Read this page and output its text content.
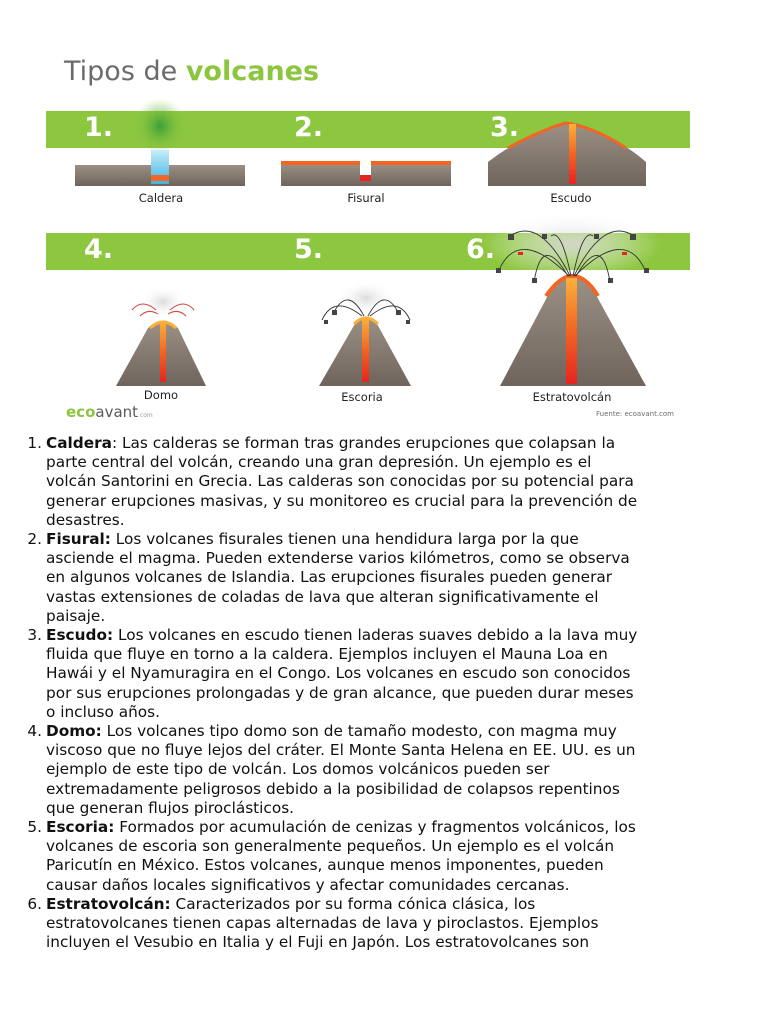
Tipos de volcanes
1.	2.	3.
4.	5.	6.
Caldera	Fisural	Escudo
Domo	Escoria	Estratovolcán
ecoavant.com	Fuente: ecoavant.com
1. Caldera: Las calderas se forman tras grandes erupciones que colapsan la
parte central del volcán, creando una gran depresión. Un ejemplo es el
volcán Santorini en Grecia. Las calderas son conocidas por su potencial para
generar erupciones masivas, y su monitoreo es crucial para la prevención de
desastres.
2. Fisural: Los volcanes fisurales tienen una hendidura larga por la que
asciende el magma. Pueden extenderse varios kilómetros, como se observa
en algunos volcanes de Islandia. Las erupciones fisurales pueden generar
vastas extensiones de coladas de lava que alteran significativamente el
paisaje.
3. Escudo: Los volcanes en escudo tienen laderas suaves debido a la lava muy
fluida que fluye en torno a la caldera. Ejemplos incluyen el Mauna Loa en
Hawái y el Nyamuragira en el Congo. Los volcanes en escudo son conocidos
por sus erupciones prolongadas y de gran alcance, que pueden durar meses
o incluso años.
4. Domo: Los volcanes tipo domo son de tamaño modesto, con magma muy
viscoso que no fluye lejos del cráter. El Monte Santa Helena en EE. UU. es un
ejemplo de este tipo de volcán. Los domos volcánicos pueden ser
extremadamente peligrosos debido a la posibilidad de colapsos repentinos
que generan flujos piroclásticos.
5. Escoria: Formados por acumulación de cenizas y fragmentos volcánicos, los
volcanes de escoria son generalmente pequeños. Un ejemplo es el volcán
Paricutín en México. Estos volcanes, aunque menos imponentes, pueden
causar daños locales significativos y afectar comunidades cercanas.
6. Estratovolcán: Caracterizados por su forma cónica clásica, los
estratovolcanes tienen capas alternadas de lava y piroclastos. Ejemplos
incluyen el Vesubio en Italia y el Fuji en Japón. Los estratovolcanes son
